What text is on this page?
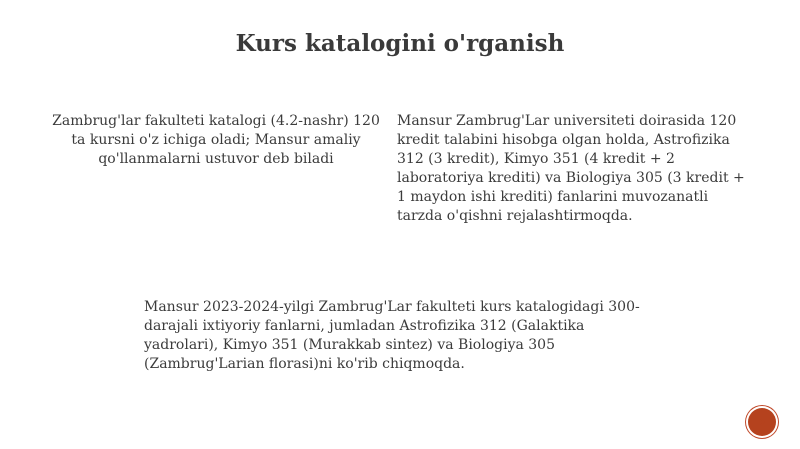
Kurs katalogini o'rganish
Zambrug'lar fakulteti katalogi (4.2-nashr) 120 ta kursni o'z ichiga oladi; Mansur amaliy qo'llanmalarni ustuvor deb biladi
Mansur Zambrug'Lar universiteti doirasida 120 kredit talabini hisobga olgan holda, Astrofizika 312 (3 kredit), Kimyo 351 (4 kredit + 2 laboratoriya krediti) va Biologiya 305 (3 kredit + 1 maydon ishi krediti) fanlarini muvozanatli tarzda o'qishni rejalashtirmoqda.
Mansur 2023-2024-yilgi Zambrug'Lar fakulteti kurs katalogidagi 300-darajali ixtiyoriy fanlarni, jumladan Astrofizika 312 (Galaktika yadrolari), Kimyo 351 (Murakkab sintez) va Biologiya 305 (Zambrug'Larian florasi)ni ko'rib chiqmoqda.
